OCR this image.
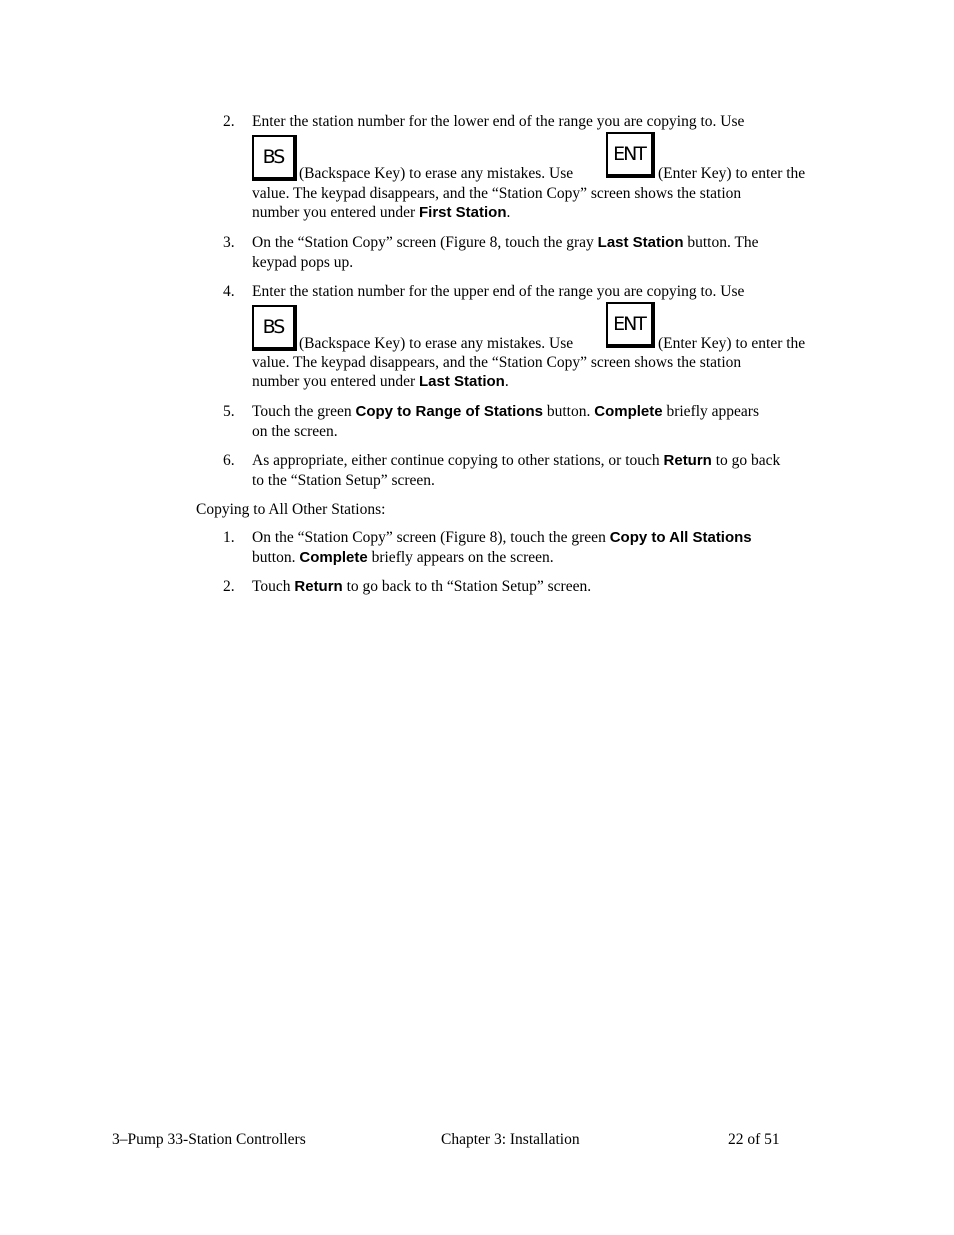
2. Enter the station number for the lower end of the range you are copying to. Use
BS
(Backspace Key) to erase any mistakes. Use
ENT
(Enter Key) to enter the
value. The keypad disappears, and the “Station Copy” screen shows the station
number you entered under First Station.
3. On the “Station Copy” screen (Figure 8, touch the gray Last Station button. The
keypad pops up.
4. Enter the station number for the upper end of the range you are copying to. Use
BS
(Backspace Key) to erase any mistakes. Use
ENT
(Enter Key) to enter the
value. The keypad disappears, and the “Station Copy” screen shows the station
number you entered under Last Station.
5. Touch the green Copy to Range of Stations button. Complete briefly appears
on the screen.
6. As appropriate, either continue copying to other stations, or touch Return to go back
to the “Station Setup” screen.
Copying to All Other Stations:
1. On the “Station Copy” screen (Figure 8), touch the green Copy to All Stations
button. Complete briefly appears on the screen.
2. Touch Return to go back to th “Station Setup” screen.
3–Pump 33-Station Controllers	Chapter 3: Installation	22 of 51
